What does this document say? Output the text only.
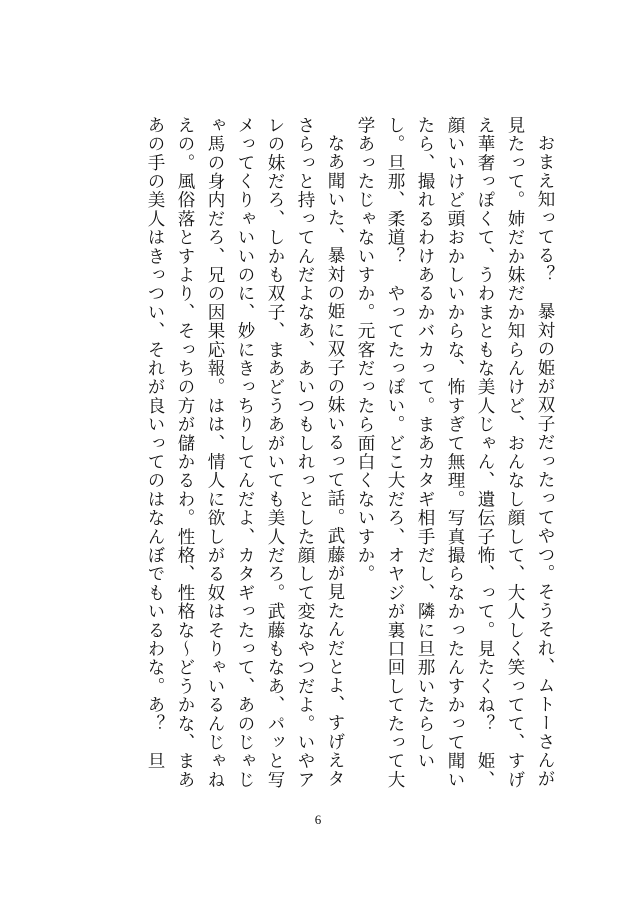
おまえ知ってる？　暴対の姫が双子だったってやつ。そうそれ、ムトーさんが見たって。姉だか妹だか知らんけど、おんなし顔して、大人しく笑ってて、すげえ華奢っぽくて、うわまともな美人じゃん、遺伝子怖、って。見たくね？　姫、顔いいけど頭おかしいからな、怖すぎて無理。写真撮らなかったんすかって聞いたら、撮れるわけあるかバカって。まあカタギ相手だし、隣に旦那いたらしいし。旦那、柔道？　やってたっぽい。どこ大だろ、オヤジが裏口回してたって大学あったじゃないすか。元客だったら面白くないすか。

なあ聞いた、暴対の姫に双子の妹いるって話。武藤が見たんだとよ、すげえタさらっと持ってんだよなあ、あいつもしれっとした顔して変なやつだよ。いやアレの妹だろ、しかも双子、まあどうあがいても美人だろ。武藤もなあ、パッと写メってくりゃいいのに、妙にきっちりしてんだよ、カタギったって、あのじゃじゃ馬の身内だろ、兄の因果応報。はは、情人に欲しがる奴はそりゃいるんじゃねえの。風俗落とすより、そっちの方が儲かるわ。性格、性格な～どうかな、まああの手の美人はきっつい、それが良いってのはなんぼでもいるわな。あ？　旦

6
